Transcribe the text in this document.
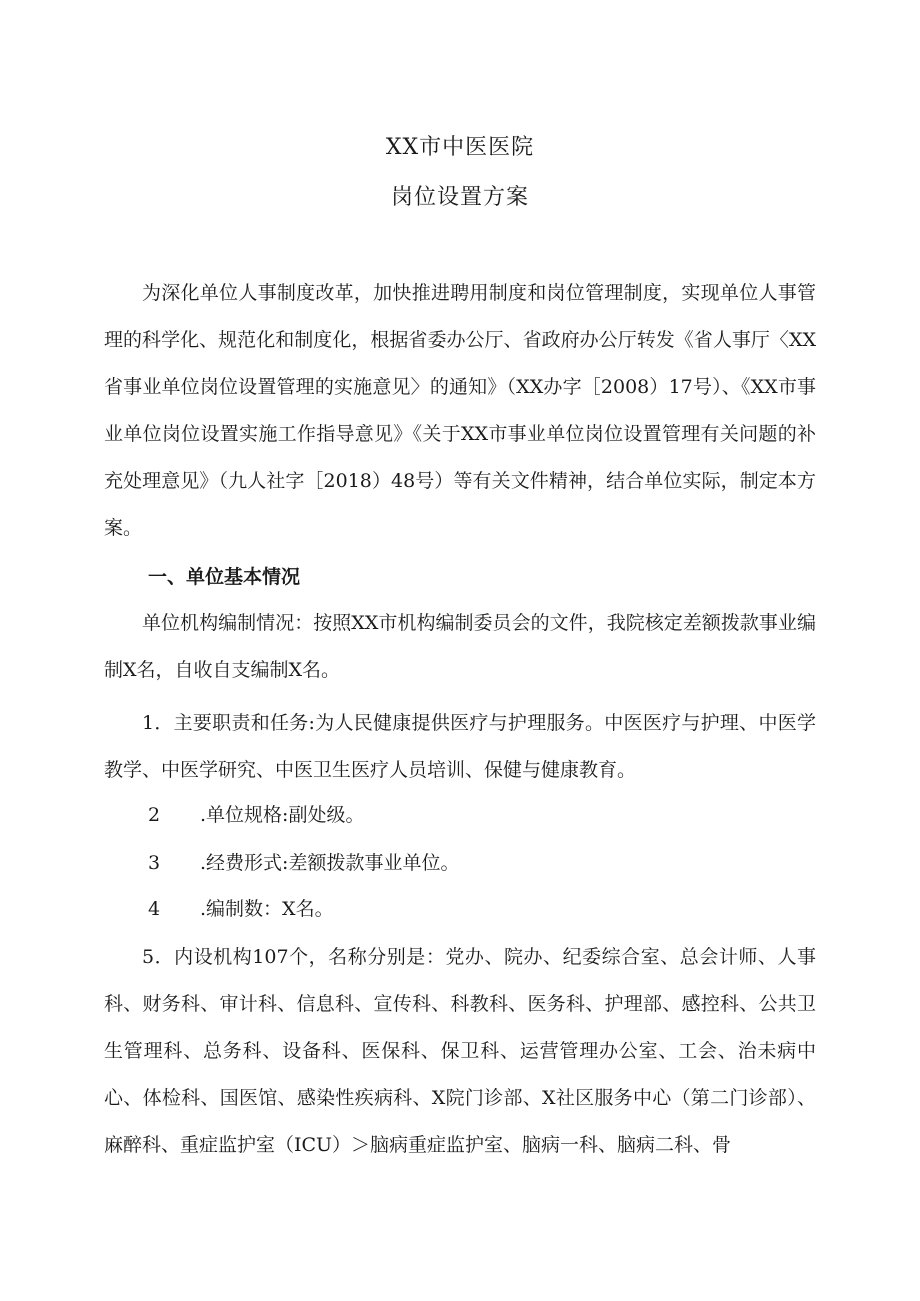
XX市中医医院
岗位设置方案

为深化单位人事制度改革，加快推进聘用制度和岗位管理制度，实现单位人事管理的科学化、规范化和制度化，根据省委办公厅、省政府办公厅转发《省人事厅〈XX省事业单位岗位设置管理的实施意见〉的通知》（XX办字［2008）17号）、《XX市事业单位岗位设置实施工作指导意见》《关于XX市事业单位岗位设置管理有关问题的补充处理意见》（九人社字［2018）48号）等有关文件精神，结合单位实际，制定本方案。

一、单位基本情况

单位机构编制情况：按照XX市机构编制委员会的文件，我院核定差额拨款事业编制X名，自收自支编制X名。

1．主要职责和任务:为人民健康提供医疗与护理服务。中医医疗与护理、中医学教学、中医学研究、中医卫生医疗人员培训、保健与健康教育。

2 .单位规格:副处级。
3 .经费形式:差额拨款事业单位。
4 .编制数：X名。

5．内设机构107个，名称分别是：党办、院办、纪委综合室、总会计师、人事科、财务科、审计科、信息科、宣传科、科教科、医务科、护理部、感控科、公共卫生管理科、总务科、设备科、医保科、保卫科、运营管理办公室、工会、治未病中心、体检科、国医馆、感染性疾病科、X院门诊部、X社区服务中心（第二门诊部）、麻醉科、重症监护室（ICU）＞脑病重症监护室、脑病一科、脑病二科、骨
